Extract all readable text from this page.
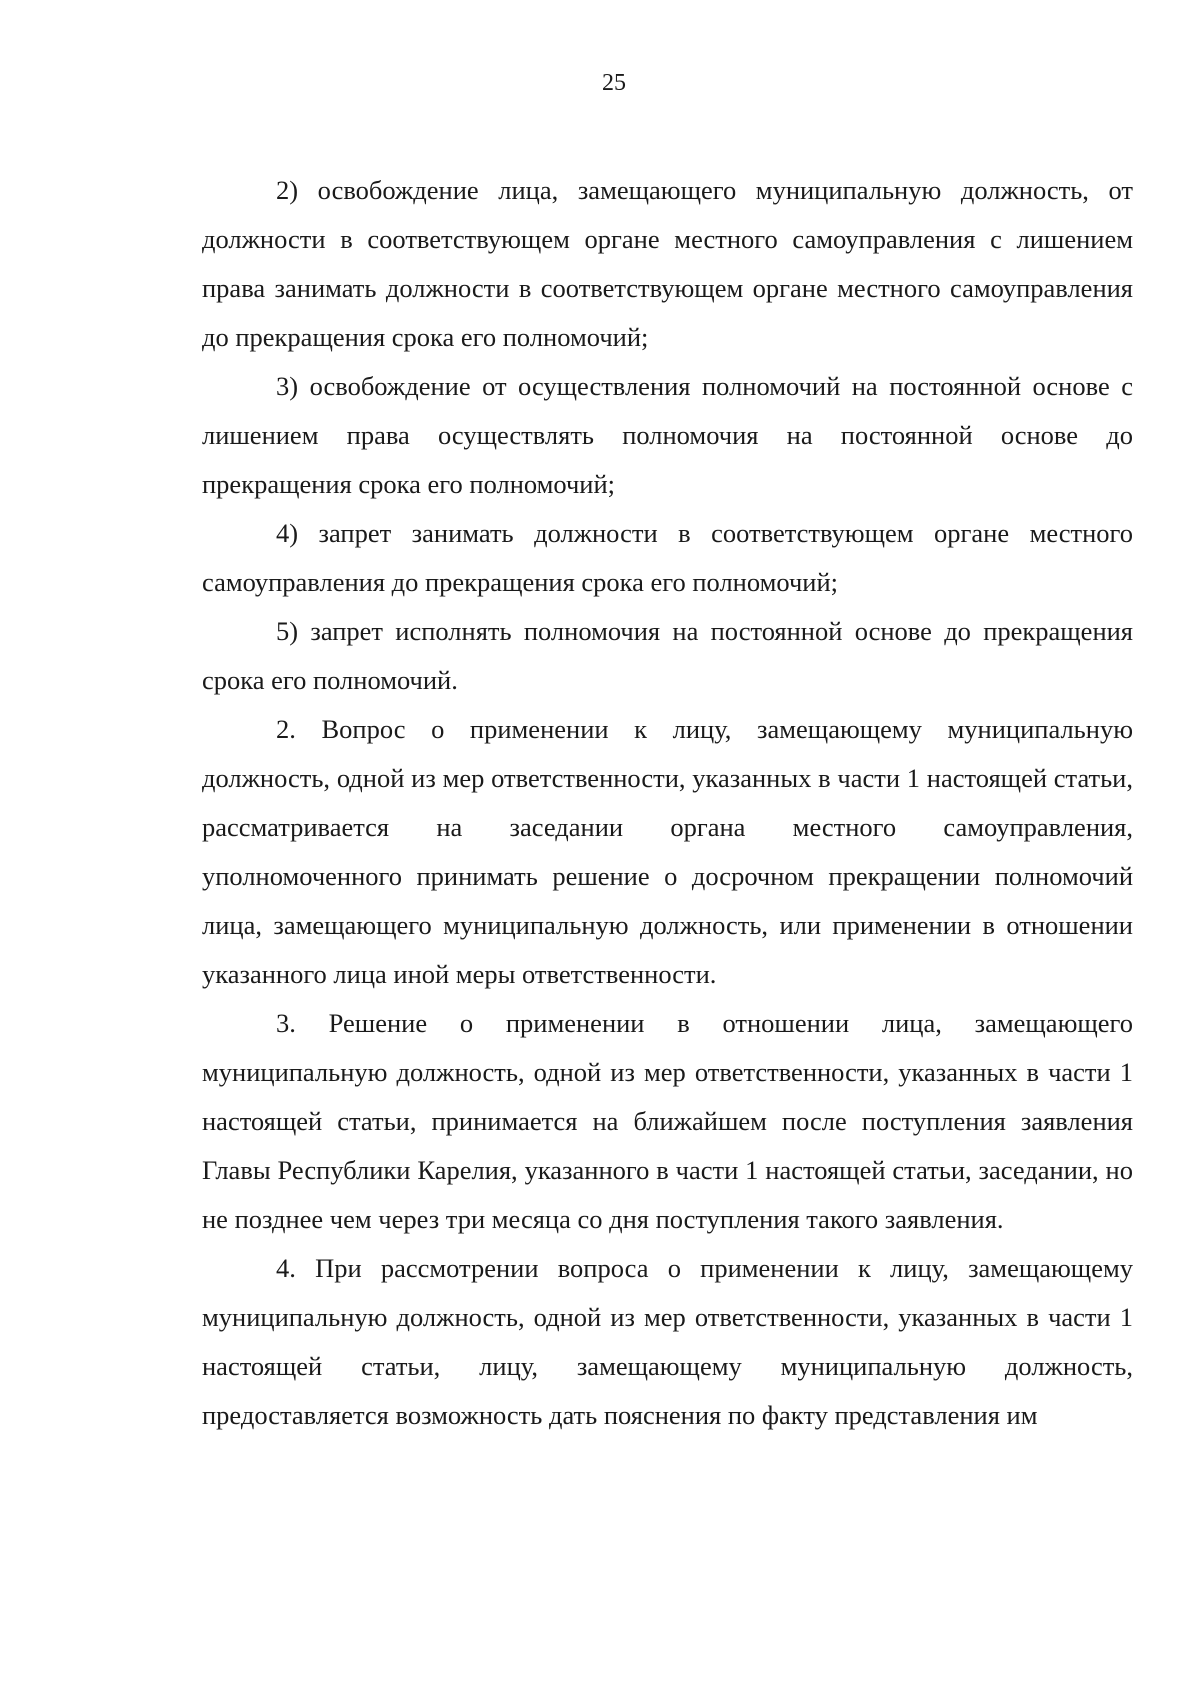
25

2) освобождение лица, замещающего муниципальную должность, от должности в соответствующем органе местного самоуправления с лишением права занимать должности в соответствующем органе местного самоуправления до прекращения срока его полномочий;

3) освобождение от осуществления полномочий на постоянной основе с лишением права осуществлять полномочия на постоянной основе до прекращения срока его полномочий;

4) запрет занимать должности в соответствующем органе местного самоуправления до прекращения срока его полномочий;

5) запрет исполнять полномочия на постоянной основе до прекращения срока его полномочий.

2. Вопрос о применении к лицу, замещающему муниципальную должность, одной из мер ответственности, указанных в части 1 настоящей статьи, рассматривается на заседании органа местного самоуправления, уполномоченного принимать решение о досрочном прекращении полномочий лица, замещающего муниципальную должность, или применении в отношении указанного лица иной меры ответственности.

3. Решение о применении в отношении лица, замещающего муниципальную должность, одной из мер ответственности, указанных в части 1 настоящей статьи, принимается на ближайшем после поступления заявления Главы Республики Карелия, указанного в части 1 настоящей статьи, заседании, но не позднее чем через три месяца со дня поступления такого заявления.

4. При рассмотрении вопроса о применении к лицу, замещающему муниципальную должность, одной из мер ответственности, указанных в части 1 настоящей статьи, лицу, замещающему муниципальную должность, предоставляется возможность дать пояснения по факту представления им
